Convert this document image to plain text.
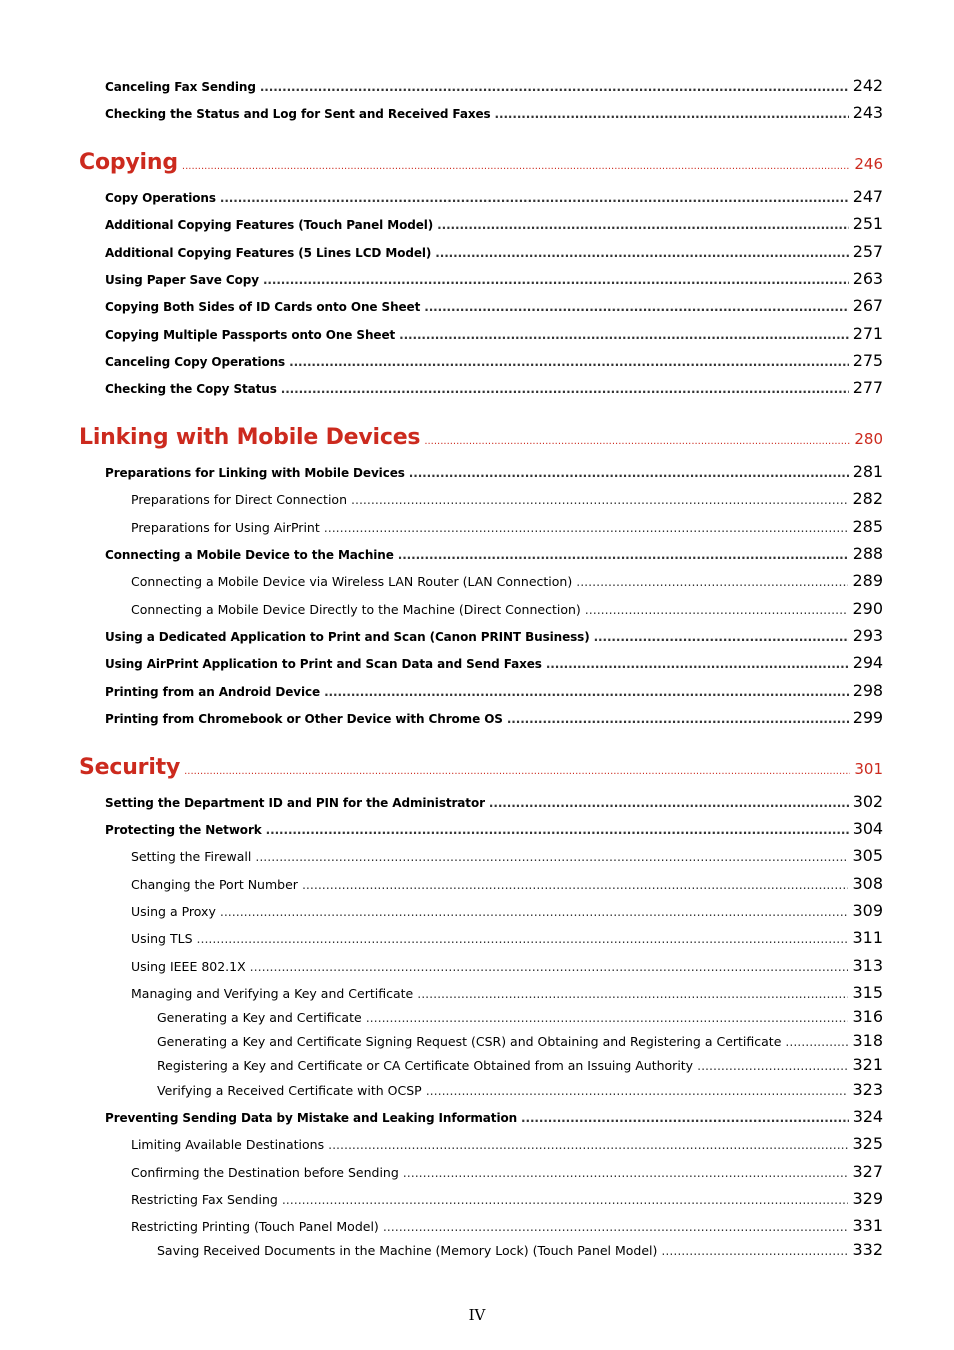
Canceling Fax Sending .....	242
Checking the Status and Log for Sent and Received Faxes .....	243
Copying .....	246
Copy Operations .....	247
Additional Copying Features (Touch Panel Model) .....	251
Additional Copying Features (5 Lines LCD Model) .....	257
Using Paper Save Copy .....	263
Copying Both Sides of ID Cards onto One Sheet .....	267
Copying Multiple Passports onto One Sheet .....	271
Canceling Copy Operations .....	275
Checking the Copy Status .....	277
Linking with Mobile Devices .....	280
Preparations for Linking with Mobile Devices .....	281
Preparations for Direct Connection .....	282
Preparations for Using AirPrint .....	285
Connecting a Mobile Device to the Machine .....	288
Connecting a Mobile Device via Wireless LAN Router (LAN Connection) .....	289
Connecting a Mobile Device Directly to the Machine (Direct Connection) .....	290
Using a Dedicated Application to Print and Scan (Canon PRINT Business) .....	293
Using AirPrint Application to Print and Scan Data and Send Faxes .....	294
Printing from an Android Device .....	298
Printing from Chromebook or Other Device with Chrome OS .....	299
Security .....	301
Setting the Department ID and PIN for the Administrator .....	302
Protecting the Network .....	304
Setting the Firewall .....	305
Changing the Port Number .....	308
Using a Proxy .....	309
Using TLS .....	311
Using IEEE 802.1X .....	313
Managing and Verifying a Key and Certificate .....	315
Generating a Key and Certificate .....	316
Generating a Key and Certificate Signing Request (CSR) and Obtaining and Registering a Certificate .....	318
Registering a Key and Certificate or CA Certificate Obtained from an Issuing Authority .....	321
Verifying a Received Certificate with OCSP .....	323
Preventing Sending Data by Mistake and Leaking Information .....	324
Limiting Available Destinations .....	325
Confirming the Destination before Sending .....	327
Restricting Fax Sending .....	329
Restricting Printing (Touch Panel Model) .....	331
Saving Received Documents in the Machine (Memory Lock) (Touch Panel Model) .....	332
IV
